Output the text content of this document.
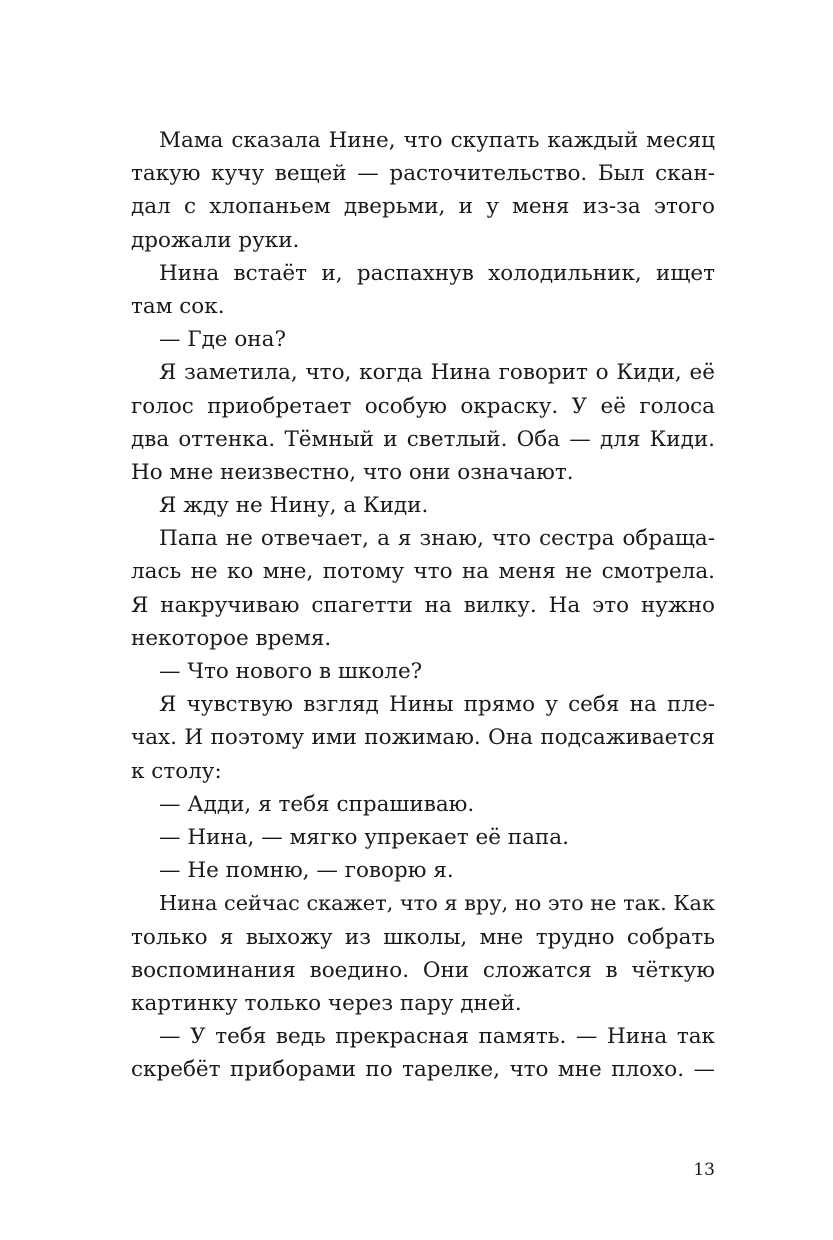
Мама сказала Нине, что скупать каждый месяц
такую кучу вещей — расточительство. Был скан-
дал с хлопаньем дверьми, и у меня из-за этого
дрожали руки.
Нина встаёт и, распахнув холодильник, ищет
там сок.
— Где она?
Я заметила, что, когда Нина говорит о Киди, её
голос приобретает особую окраску. У её голоса
два оттенка. Тёмный и светлый. Оба — для Киди.
Но мне неизвестно, что они означают.
Я жду не Нину, а Киди.
Папа не отвечает, а я знаю, что сестра обраща-
лась не ко мне, потому что на меня не смотрела.
Я накручиваю спагетти на вилку. На это нужно
некоторое время.
— Что нового в школе?
Я чувствую взгляд Нины прямо у себя на пле-
чах. И поэтому ими пожимаю. Она подсаживается
к столу:
— Адди, я тебя спрашиваю.
— Нина, — мягко упрекает её папа.
— Не помню, — говорю я.
Нина сейчас скажет, что я вру, но это не так. Как
только я выхожу из школы, мне трудно собрать
воспоминания воедино. Они сложатся в чёткую
картинку только через пару дней.
— У тебя ведь прекрасная память. — Нина так
скребёт приборами по тарелке, что мне плохо. —
13
